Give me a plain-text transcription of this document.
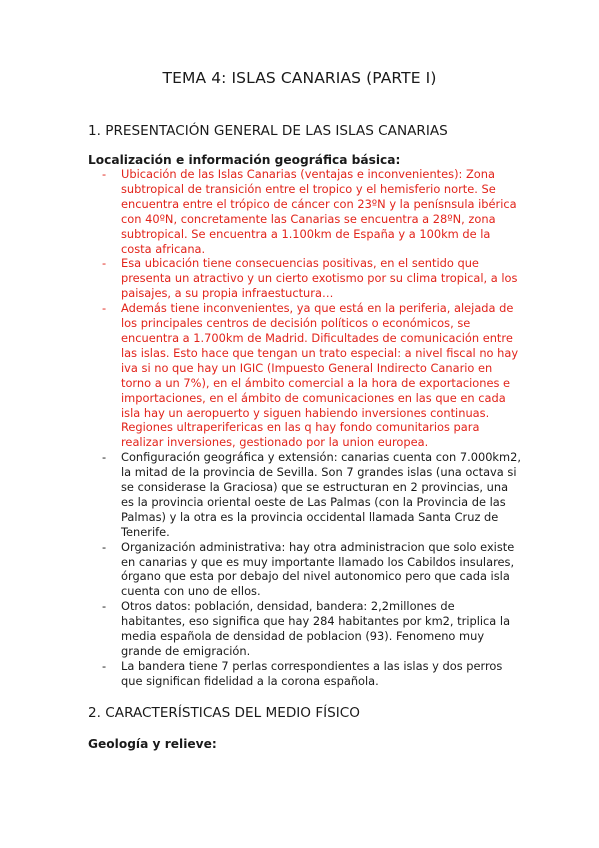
TEMA 4: ISLAS CANARIAS (PARTE I)
1. PRESENTACIÓN GENERAL DE LAS ISLAS CANARIAS
Localización e información geográfica básica:
- Ubicación de las Islas Canarias (ventajas e inconvenientes): Zona subtropical de transición entre el tropico y el hemisferio norte. Se encuentra entre el trópico de cáncer con 23ºN y la penísnsula ibérica con 40ºN, concretamente las Canarias se encuentra a 28ºN, zona subtropical. Se encuentra a 1.100km de España y a 100km de la costa africana.
- Esa ubicación tiene consecuencias positivas, en el sentido que presenta un atractivo y un cierto exotismo por su clima tropical, a los paisajes, a su propia infraestuctura…
- Además tiene inconvenientes, ya que está en la periferia, alejada de los principales centros de decisión políticos o económicos, se encuentra a 1.700km de Madrid. Dificultades de comunicación entre las islas. Esto hace que tengan un trato especial: a nivel fiscal no hay iva si no que hay un IGIC (Impuesto General Indirecto Canario en torno a un 7%), en el ámbito comercial a la hora de exportaciones e importaciones, en el ámbito de comunicaciones en las que en cada isla hay un aeropuerto y siguen habiendo inversiones continuas. Regiones ultraperifericas en las q hay fondo comunitarios para realizar inversiones, gestionado por la union europea.
- Configuración geográfica y extensión: canarias cuenta con 7.000km2, la mitad de la provincia de Sevilla. Son 7 grandes islas (una octava si se considerase la Graciosa) que se estructuran en 2 provincias, una es la provincia oriental oeste de Las Palmas (con la Provincia de las Palmas) y la otra es la provincia occidental llamada Santa Cruz de Tenerife.
- Organización administrativa: hay otra administracion que solo existe en canarias y que es muy importante llamado los Cabildos insulares, órgano que esta por debajo del nivel autonomico pero que cada isla cuenta con uno de ellos.
- Otros datos: población, densidad, bandera: 2,2millones de habitantes, eso significa que hay 284 habitantes por km2, triplica la media española de densidad de poblacion (93). Fenomeno muy grande de emigración.
- La bandera tiene 7 perlas correspondientes a las islas y dos perros que significan fidelidad a la corona española.
2. CARACTERÍSTICAS DEL MEDIO FÍSICO
Geología y relieve:
